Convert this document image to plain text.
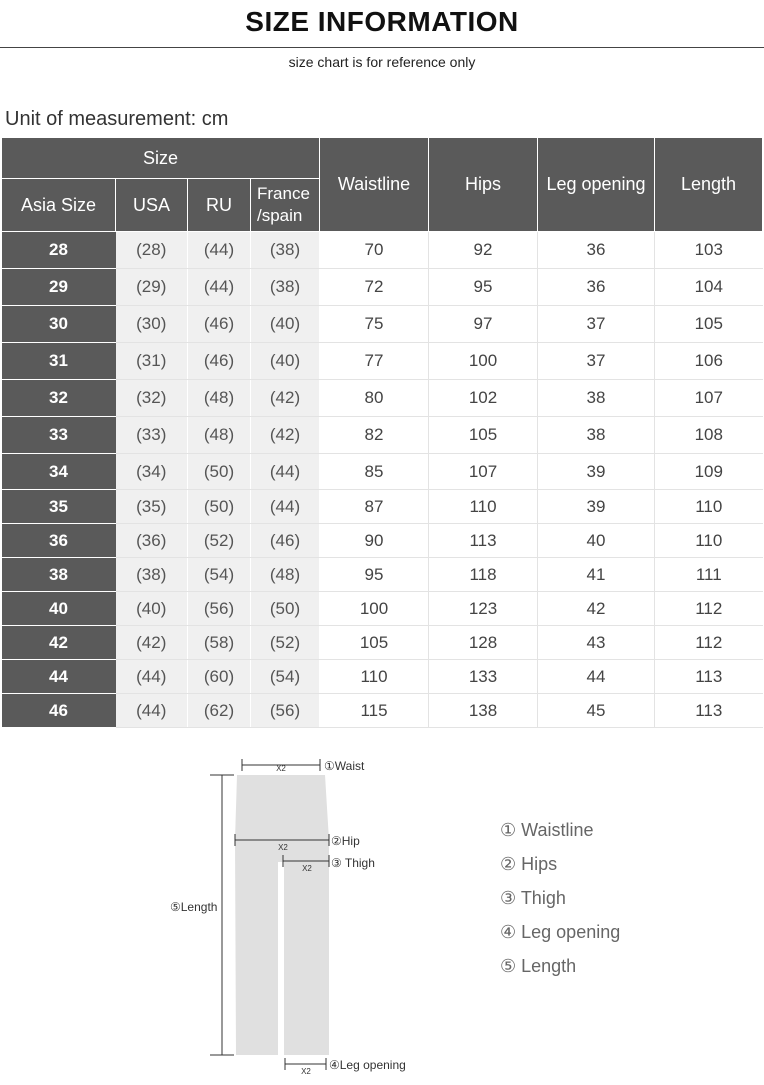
SIZE INFORMATION
size chart is for reference only
Unit of measurement: cm
Size				Waistline	Hips	Leg opening	Length
Asia Size	USA	RU	France
/spain				
28	(28)	(44)	(38)	70	92	36	103
29	(29)	(44)	(38)	72	95	36	104
30	(30)	(46)	(40)	75	97	37	105
31	(31)	(46)	(40)	77	100	37	106
32	(32)	(48)	(42)	80	102	38	107
33	(33)	(48)	(42)	82	105	38	108
34	(34)	(50)	(44)	85	107	39	109
35	(35)	(50)	(44)	87	110	39	110
36	(36)	(52)	(46)	90	113	40	110
38	(38)	(54)	(48)	95	118	41	111
40	(40)	(56)	(50)	100	123	42	112
42	(42)	(58)	(52)	105	128	43	112
44	(44)	(60)	(54)	110	133	44	113
46	(44)	(62)	(56)	115	138	45	113
X2	①Waist
X2	②Hip
X2 ③ Thigh
⑤Length
X2 ④Leg opening
① Waistline
② Hips
③ Thigh
④ Leg opening
⑤ Length
